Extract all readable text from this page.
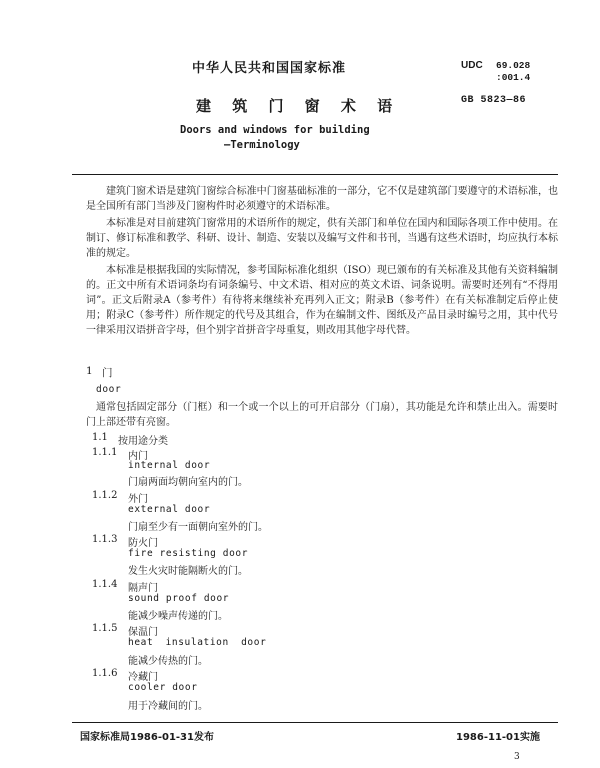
中华人民共和国国家标准	UDC 69.028
:001.4
建 筑 门 窗 术 语	GB 5823—86
Doors and windows for building
—Terminology
建筑门窗术语是建筑门窗综合标准中门窗基础标准的一部分，它不仅是建筑部门要遵守的术语标准，也是全国所有部门当涉及门窗构件时必须遵守的术语标准。
本标准是对目前建筑门窗常用的术语所作的规定，供有关部门和单位在国内和国际各项工作中使用。在制订、修订标准和教学、科研、设计、制造、安装以及编写文件和书刊，当遇有这些术语时，均应执行本标准的规定。
本标准是根据我国的实际情况，参考国际标准化组织（ISO）现已颁布的有关标准及其他有关资料编制的。正文中所有术语词条均有词条编号、中文术语、相对应的英文术语、词条说明。需要时还列有“不得用词”。正文后附录A（参考件）有待将来继续补充再列入正文；附录B（参考件）在有关标准制定后停止使用；附录C（参考件）所作规定的代号及其组合，作为在编制文件、图纸及产品目录时编号之用，其中代号一律采用汉语拼音字母，但个别字首拼音字母重复，则改用其他字母代替。
1 门
door
通常包括固定部分（门框）和一个或一个以上的可开启部分（门扇），其功能是允许和禁止出入。需要时门上部还带有亮窗。
1.1 按用途分类
1.1.1 内门
internal door
门扇两面均朝向室内的门。
1.1.2 外门
external door
门扇至少有一面朝向室外的门。
1.1.3 防火门
fire resisting door
发生火灾时能隔断火的门。
1.1.4 隔声门
sound proof door
能减少噪声传递的门。
1.1.5 保温门
heat insulation door
能减少传热的门。
1.1.6 冷藏门
cooler door
用于冷藏间的门。
国家标准局1986-01-31发布	1986-11-01实施
3
